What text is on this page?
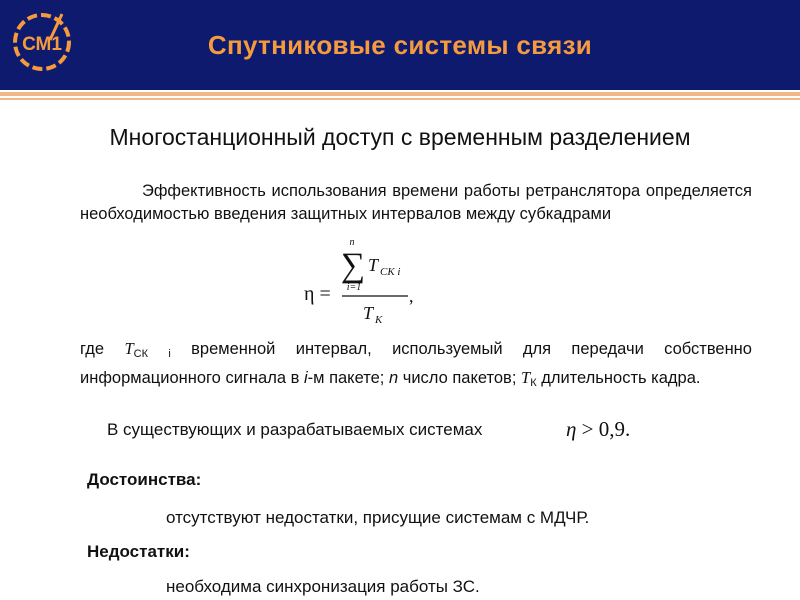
СМ1	Спутниковые системы связи
Многостанционный доступ с временным разделением
Эффективность использования времени работы ретранслятора определяется необходимостью введения защитных интервалов между субкадрами
η =
n
∑
i=1
T CK i
T K
,
где $Т_{СК}$ $_i$ временной интервал, используемый для передачи собственно информационного сигнала в i-м пакете; n число пакетов; $Т_К$ длительность кадра.
В существующих и разрабатываемых системах	η > 0,9.
Достоинства:
отсутствуют недостатки, присущие системам с МДЧР.
Недостатки:
необходима синхронизация работы ЗС.
